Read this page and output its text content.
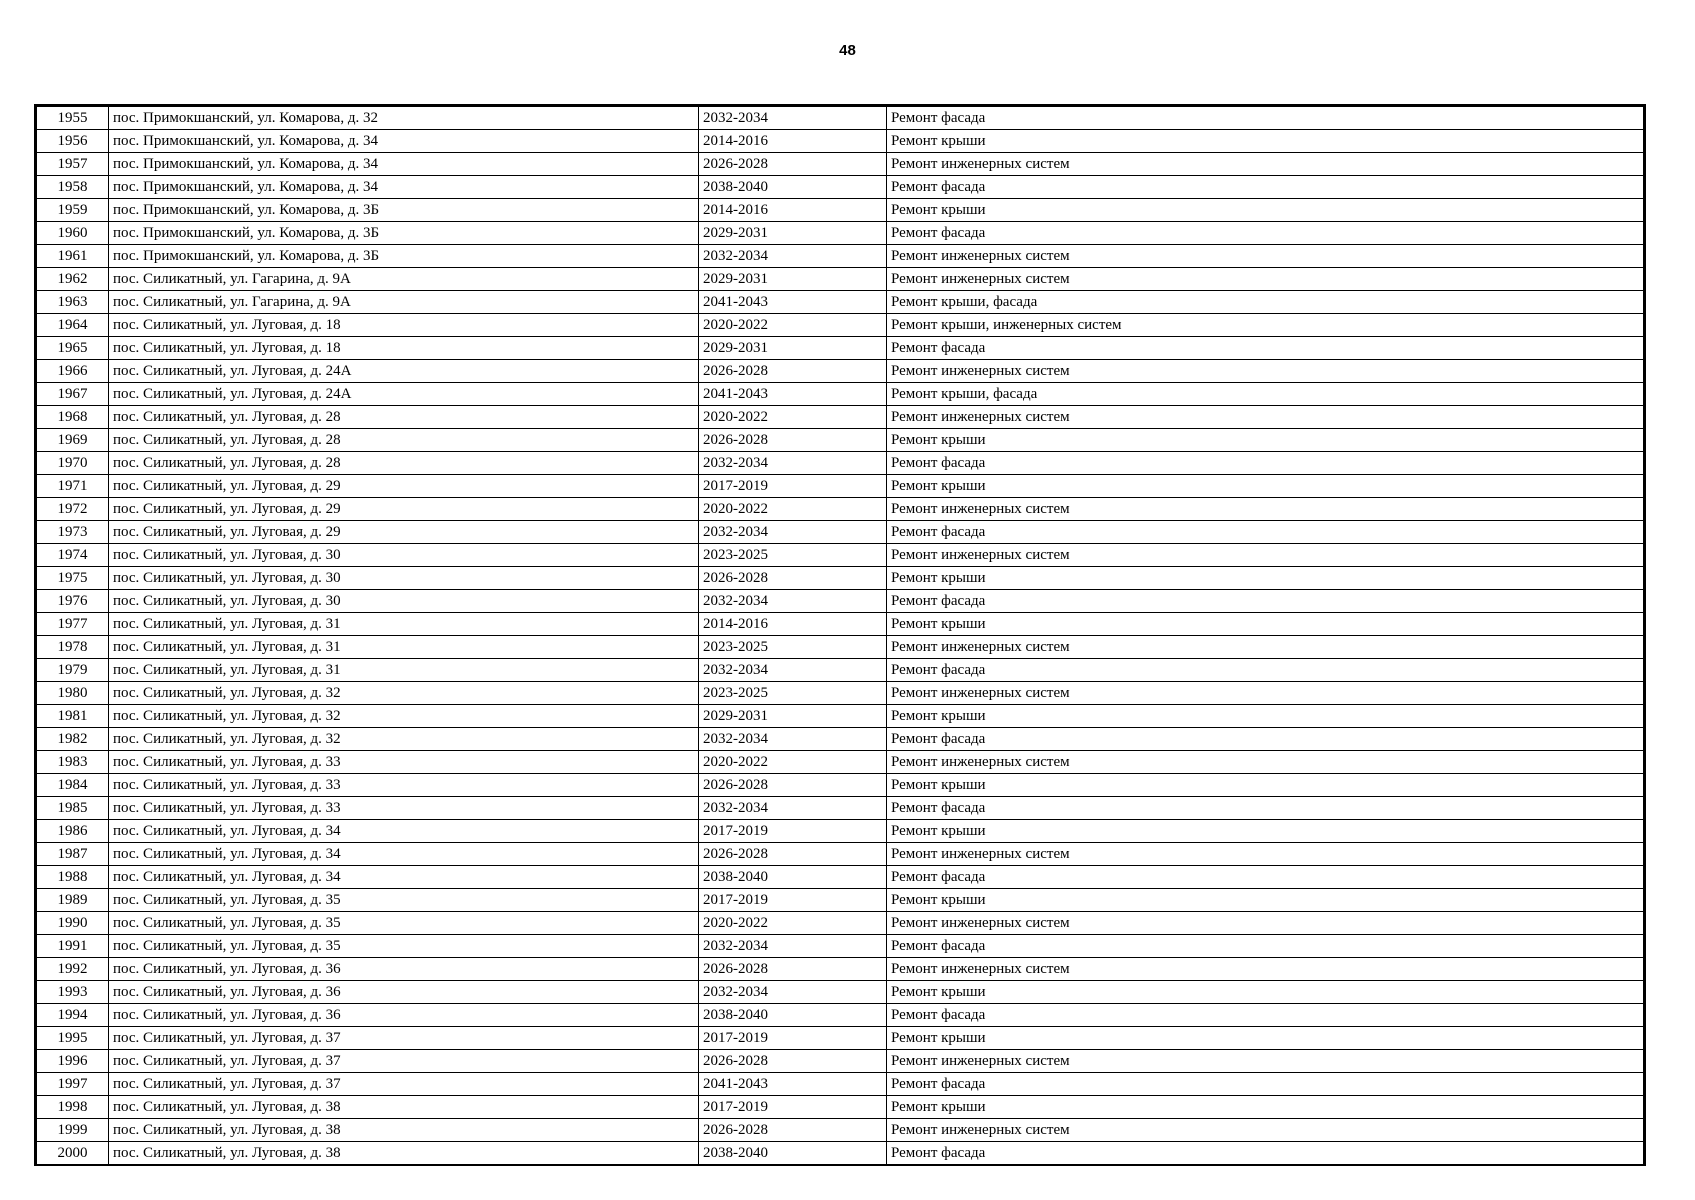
48
1955	пос. Примокшанский, ул. Комарова, д. 32	2032-2034	Ремонт фасада
1956	пос. Примокшанский, ул. Комарова, д. 34	2014-2016	Ремонт крыши
1957	пос. Примокшанский, ул. Комарова, д. 34	2026-2028	Ремонт инженерных систем
1958	пос. Примокшанский, ул. Комарова, д. 34	2038-2040	Ремонт фасада
1959	пос. Примокшанский, ул. Комарова, д. 3Б	2014-2016	Ремонт крыши
1960	пос. Примокшанский, ул. Комарова, д. 3Б	2029-2031	Ремонт фасада
1961	пос. Примокшанский, ул. Комарова, д. 3Б	2032-2034	Ремонт инженерных систем
1962	пос. Силикатный, ул. Гагарина, д. 9А	2029-2031	Ремонт инженерных систем
1963	пос. Силикатный, ул. Гагарина, д. 9А	2041-2043	Ремонт крыши, фасада
1964	пос. Силикатный, ул. Луговая, д. 18	2020-2022	Ремонт крыши, инженерных систем
1965	пос. Силикатный, ул. Луговая, д. 18	2029-2031	Ремонт фасада
1966	пос. Силикатный, ул. Луговая, д. 24А	2026-2028	Ремонт инженерных систем
1967	пос. Силикатный, ул. Луговая, д. 24А	2041-2043	Ремонт крыши, фасада
1968	пос. Силикатный, ул. Луговая, д. 28	2020-2022	Ремонт инженерных систем
1969	пос. Силикатный, ул. Луговая, д. 28	2026-2028	Ремонт крыши
1970	пос. Силикатный, ул. Луговая, д. 28	2032-2034	Ремонт фасада
1971	пос. Силикатный, ул. Луговая, д. 29	2017-2019	Ремонт крыши
1972	пос. Силикатный, ул. Луговая, д. 29	2020-2022	Ремонт инженерных систем
1973	пос. Силикатный, ул. Луговая, д. 29	2032-2034	Ремонт фасада
1974	пос. Силикатный, ул. Луговая, д. 30	2023-2025	Ремонт инженерных систем
1975	пос. Силикатный, ул. Луговая, д. 30	2026-2028	Ремонт крыши
1976	пос. Силикатный, ул. Луговая, д. 30	2032-2034	Ремонт фасада
1977	пос. Силикатный, ул. Луговая, д. 31	2014-2016	Ремонт крыши
1978	пос. Силикатный, ул. Луговая, д. 31	2023-2025	Ремонт инженерных систем
1979	пос. Силикатный, ул. Луговая, д. 31	2032-2034	Ремонт фасада
1980	пос. Силикатный, ул. Луговая, д. 32	2023-2025	Ремонт инженерных систем
1981	пос. Силикатный, ул. Луговая, д. 32	2029-2031	Ремонт крыши
1982	пос. Силикатный, ул. Луговая, д. 32	2032-2034	Ремонт фасада
1983	пос. Силикатный, ул. Луговая, д. 33	2020-2022	Ремонт инженерных систем
1984	пос. Силикатный, ул. Луговая, д. 33	2026-2028	Ремонт крыши
1985	пос. Силикатный, ул. Луговая, д. 33	2032-2034	Ремонт фасада
1986	пос. Силикатный, ул. Луговая, д. 34	2017-2019	Ремонт крыши
1987	пос. Силикатный, ул. Луговая, д. 34	2026-2028	Ремонт инженерных систем
1988	пос. Силикатный, ул. Луговая, д. 34	2038-2040	Ремонт фасада
1989	пос. Силикатный, ул. Луговая, д. 35	2017-2019	Ремонт крыши
1990	пос. Силикатный, ул. Луговая, д. 35	2020-2022	Ремонт инженерных систем
1991	пос. Силикатный, ул. Луговая, д. 35	2032-2034	Ремонт фасада
1992	пос. Силикатный, ул. Луговая, д. 36	2026-2028	Ремонт инженерных систем
1993	пос. Силикатный, ул. Луговая, д. 36	2032-2034	Ремонт крыши
1994	пос. Силикатный, ул. Луговая, д. 36	2038-2040	Ремонт фасада
1995	пос. Силикатный, ул. Луговая, д. 37	2017-2019	Ремонт крыши
1996	пос. Силикатный, ул. Луговая, д. 37	2026-2028	Ремонт инженерных систем
1997	пос. Силикатный, ул. Луговая, д. 37	2041-2043	Ремонт фасада
1998	пос. Силикатный, ул. Луговая, д. 38	2017-2019	Ремонт крыши
1999	пос. Силикатный, ул. Луговая, д. 38	2026-2028	Ремонт инженерных систем
2000	пос. Силикатный, ул. Луговая, д. 38	2038-2040	Ремонт фасада
